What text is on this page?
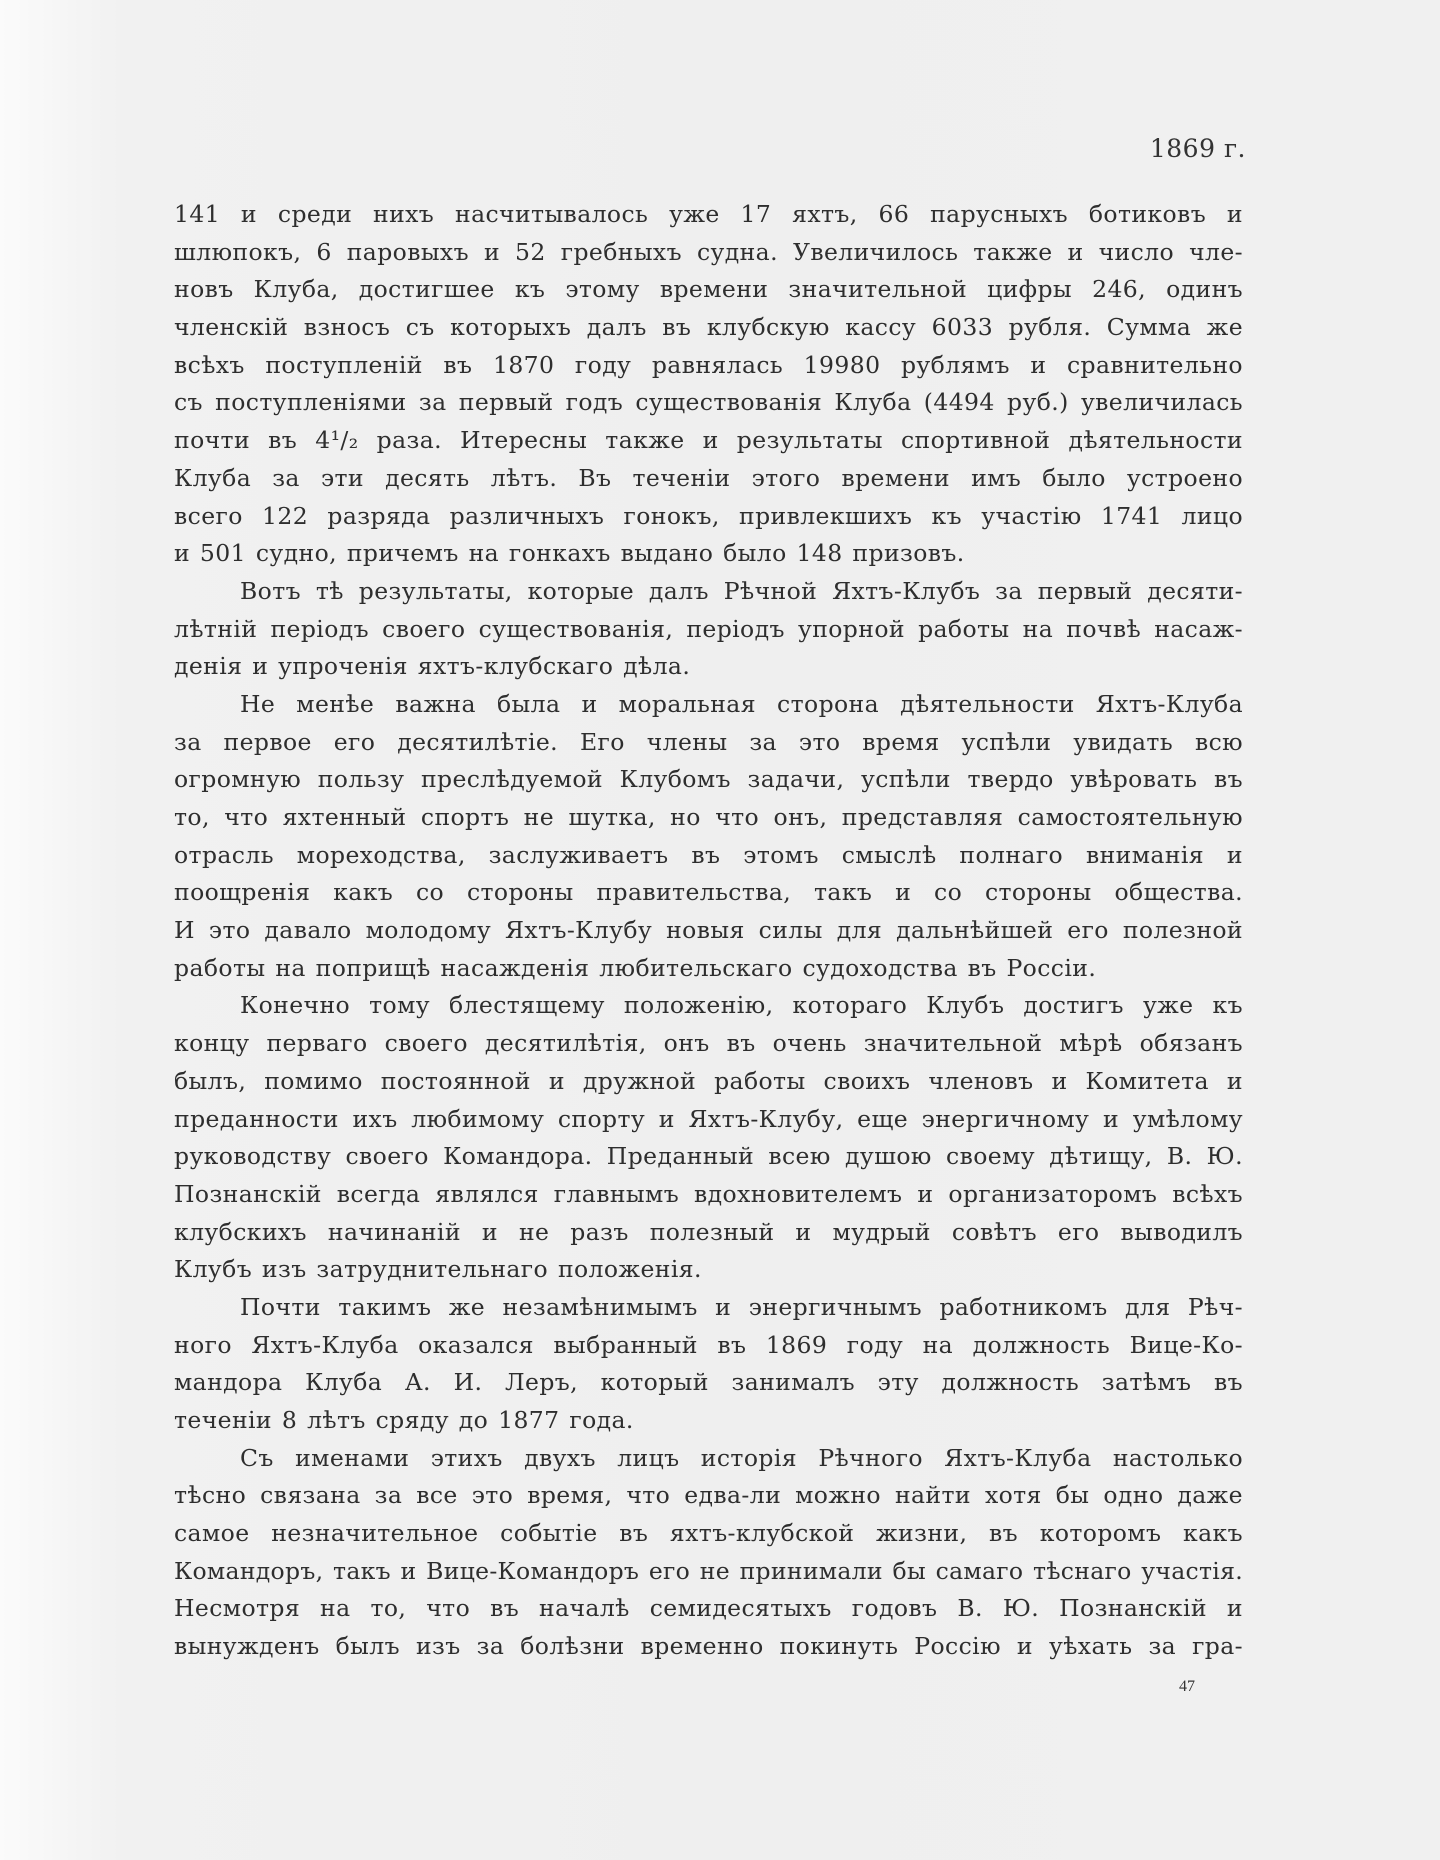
1869 г.
141 и среди нихъ насчитывалось уже 17 яхтъ, 66 парусныхъ ботиковъ и
шлюпокъ, 6 паровыхъ и 52 гребныхъ судна. Увеличилось также и число чле-
новъ Клуба, достигшее къ этому времени значительной цифры 246, одинъ
членскій взносъ съ которыхъ далъ въ клубскую кассу 6033 рубля. Сумма же
всѣхъ поступленій въ 1870 году равнялась 19980 рублямъ и сравнительно
съ поступленіями за первый годъ существованія Клуба (4494 руб.) увеличилась
почти въ 4¹/₂ раза. Итересны также и результаты спортивной дѣятельности
Клуба за эти десять лѣтъ. Въ теченіи этого времени имъ было устроено
всего 122 разряда различныхъ гонокъ, привлекшихъ къ участію 1741 лицо
и 501 судно, причемъ на гонкахъ выдано было 148 призовъ.
Вотъ тѣ результаты, которые далъ Рѣчной Яхтъ-Клубъ за первый десяти-
лѣтній періодъ своего существованія, періодъ упорной работы на почвѣ насаж-
денія и упроченія яхтъ-клубскаго дѣла.
Не менѣе важна была и моральная сторона дѣятельности Яхтъ-Клуба
за первое его десятилѣтіе. Его члены за это время успѣли увидать всю
огромную пользу преслѣдуемой Клубомъ задачи, успѣли твердо увѣровать въ
то, что яхтенный спортъ не шутка, но что онъ, представляя самостоятельную
отрасль мореходства, заслуживаетъ въ этомъ смыслѣ полнаго вниманія и
поощренія какъ со стороны правительства, такъ и со стороны общества.
И это давало молодому Яхтъ-Клубу новыя силы для дальнѣйшей его полезной
работы на поприщѣ насажденія любительскаго судоходства въ Россіи.
Конечно тому блестящему положенію, котораго Клубъ достигъ уже къ
концу перваго своего десятилѣтія, онъ въ очень значительной мѣрѣ обязанъ
былъ, помимо постоянной и дружной работы своихъ членовъ и Комитета и
преданности ихъ любимому спорту и Яхтъ-Клубу, еще энергичному и умѣлому
руководству своего Командора. Преданный всею душою своему дѣтищу, В. Ю.
Познанскій всегда являлся главнымъ вдохновителемъ и организаторомъ всѣхъ
клубскихъ начинаній и не разъ полезный и мудрый совѣтъ его выводилъ
Клубъ изъ затруднительнаго положенія.
Почти такимъ же незамѣнимымъ и энергичнымъ работникомъ для Рѣч-
ного Яхтъ-Клуба оказался выбранный въ 1869 году на должность Вице-Ко-
мандора Клуба А. И. Леръ, который занималъ эту должность затѣмъ въ
теченіи 8 лѣтъ сряду до 1877 года.
Съ именами этихъ двухъ лицъ исторія Рѣчного Яхтъ-Клуба настолько
тѣсно связана за все это время, что едва-ли можно найти хотя бы одно даже
самое незначительное событіе въ яхтъ-клубской жизни, въ которомъ какъ
Командоръ, такъ и Вице-Командоръ его не принимали бы самаго тѣснаго участія.
Несмотря на то, что въ началѣ семидесятыхъ годовъ В. Ю. Познанскій и
вынужденъ былъ изъ за болѣзни временно покинуть Россію и уѣхать за гра-
47
